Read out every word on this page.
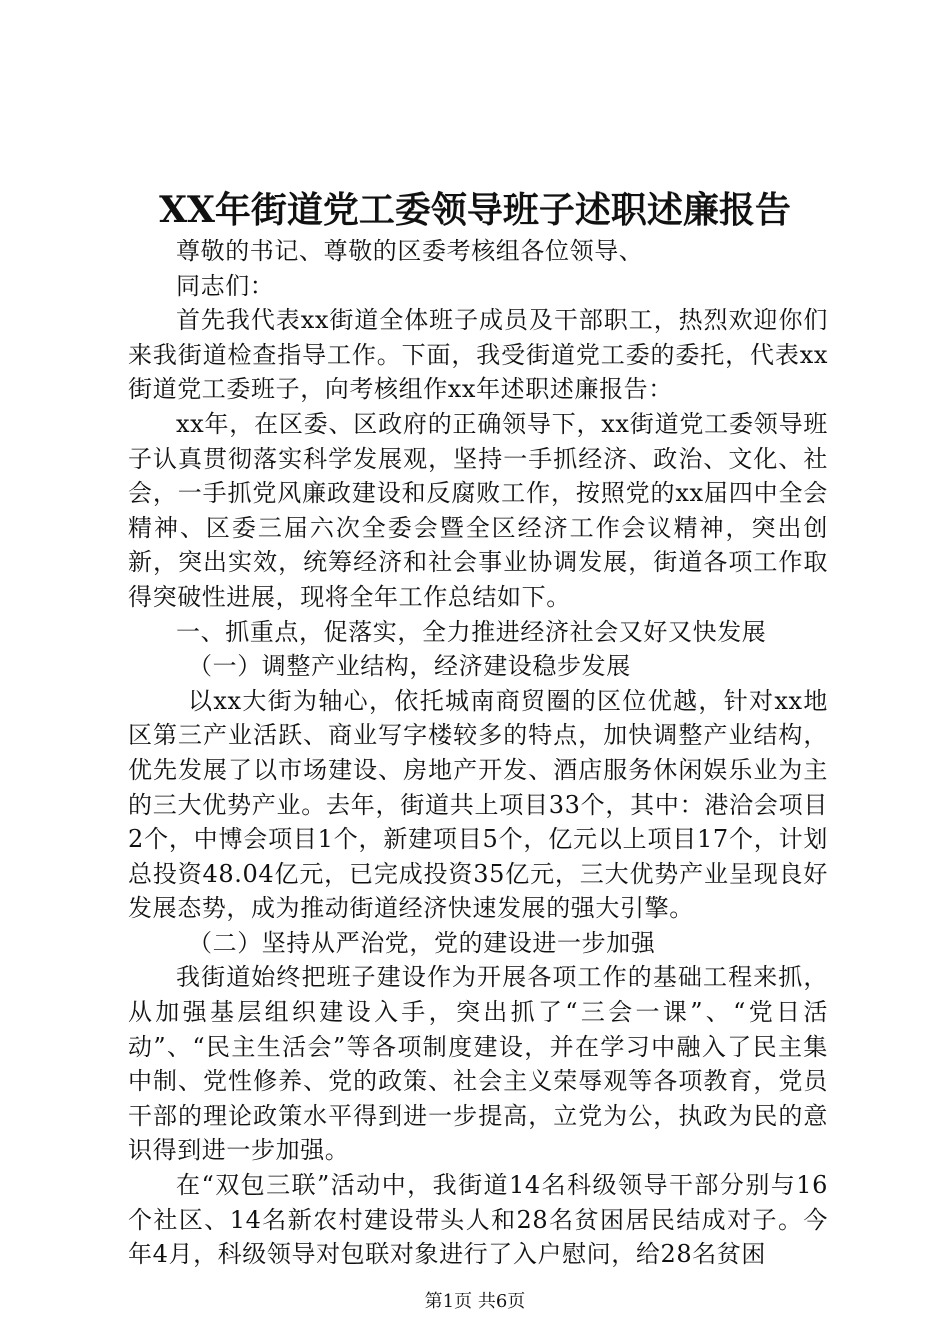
XX年街道党工委领导班子述职述廉报告

尊敬的书记、尊敬的区委考核组各位领导、

同志们：

首先我代表xx街道全体班子成员及干部职工，热烈欢迎你们来我街道检查指导工作。下面，我受街道党工委的委托，代表xx街道党工委班子，向考核组作xx年述职述廉报告：

xx年，在区委、区政府的正确领导下，xx街道党工委领导班子认真贯彻落实科学发展观，坚持一手抓经济、政治、文化、社会，一手抓党风廉政建设和反腐败工作，按照党的xx届四中全会精神、区委三届六次全委会暨全区经济工作会议精神，突出创新，突出实效，统筹经济和社会事业协调发展，街道各项工作取得突破性进展，现将全年工作总结如下。

一、抓重点，促落实，全力推进经济社会又好又快发展

（一）调整产业结构，经济建设稳步发展

以xx大街为轴心，依托城南商贸圈的区位优越，针对xx地区第三产业活跃、商业写字楼较多的特点，加快调整产业结构，优先发展了以市场建设、房地产开发、酒店服务休闲娱乐业为主的三大优势产业。去年，街道共上项目33个，其中：港洽会项目2个，中博会项目1个，新建项目5个，亿元以上项目17个，计划总投资48.04亿元，已完成投资35亿元，三大优势产业呈现良好发展态势，成为推动街道经济快速发展的强大引擎。

（二）坚持从严治党，党的建设进一步加强

我街道始终把班子建设作为开展各项工作的基础工程来抓，从加强基层组织建设入手，突出抓了“三会一课”、“党日活动”、“民主生活会”等各项制度建设，并在学习中融入了民主集中制、党性修养、党的政策、社会主义荣辱观等各项教育，党员干部的理论政策水平得到进一步提高，立党为公，执政为民的意识得到进一步加强。

在“双包三联”活动中，我街道14名科级领导干部分别与16个社区、14名新农村建设带头人和28名贫困居民结成对子。今年4月，科级领导对包联对象进行了入户慰问，给28名贫困

第1页 共6页
